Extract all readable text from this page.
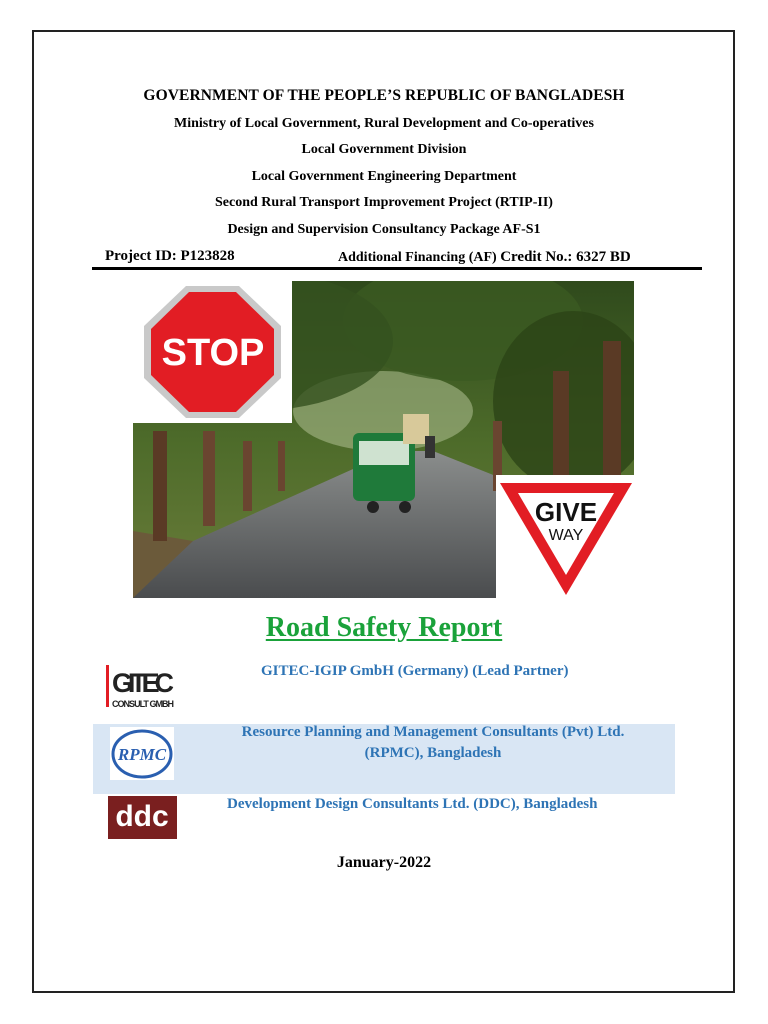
GOVERNMENT OF THE PEOPLE’S REPUBLIC OF BANGLADESH
Ministry of Local Government, Rural Development and Co-operatives
Local Government Division
Local Government Engineering Department
Second Rural Transport Improvement Project (RTIP-II)
Design and Supervision Consultancy Package AF-S1
Project ID: P123828	Additional Financing (AF) Credit No.: 6327 BD
STOP
GIVE
WAY
Road Safety Report
GITEC
CONSULT GMBH
GITEC-IGIP GmbH (Germany) (Lead Partner)
RPMC
Resource Planning and Management Consultants (Pvt) Ltd.
(RPMC), Bangladesh
ddc	Development Design Consultants Ltd. (DDC), Bangladesh
January-2022
